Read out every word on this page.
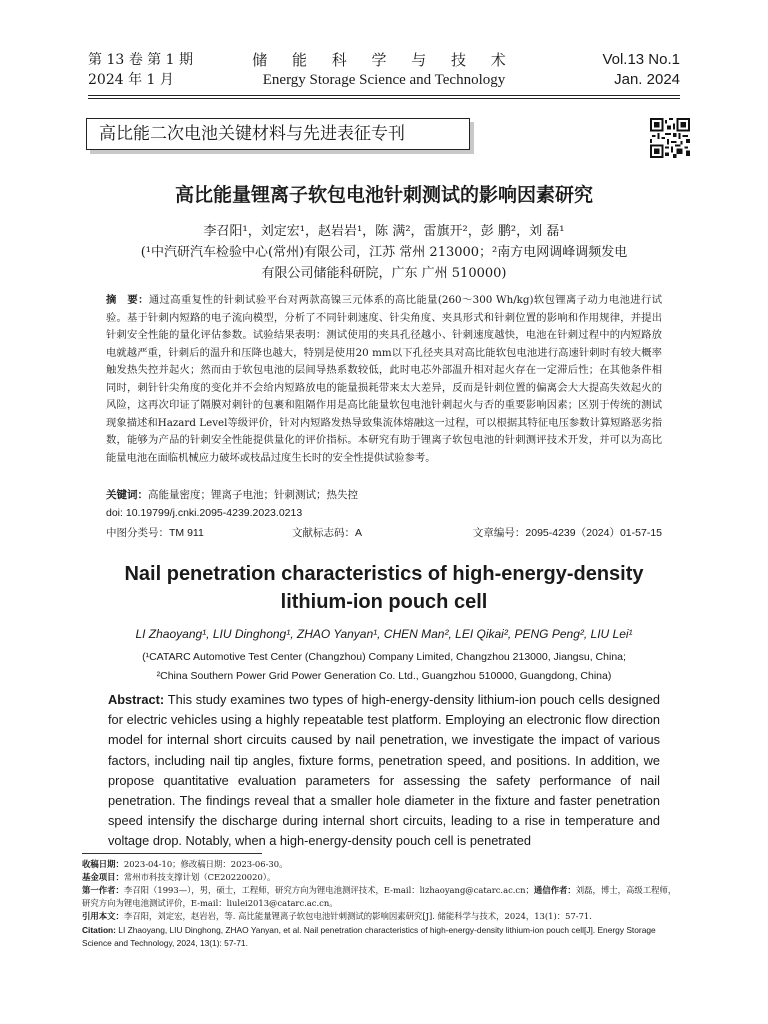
第 13 卷 第 1 期
2024 年 1 月
储 能 科 学 与 技 术
Energy Storage Science and Technology
Vol.13 No.1
Jan. 2024
高比能二次电池关键材料与先进表征专刊
高比能量锂离子软包电池针刺测试的影响因素研究
李召阳¹，刘定宏¹，赵岩岩¹，陈 满²，雷旗开²，彭 鹏²，刘 磊¹
(¹中汽研汽车检验中心(常州)有限公司，江苏 常州 213000；²南方电网调峰调频发电
有限公司储能科研院，广东 广州 510000)
摘　要：通过高重复性的针刺试验平台对两款高镍三元体系的高比能量(260～300 Wh/kg)软包锂离子动力电池进行试验。基于针刺内短路的电子流向模型，分析了不同针刺速度、针尖角度、夹具形式和针刺位置的影响和作用规律，并提出针刺安全性能的量化评估参数。试验结果表明：测试使用的夹具孔径越小、针刺速度越快，电池在针刺过程中的内短路放电就越严重，针刺后的温升和压降也越大，特别是使用20 mm以下孔径夹具对高比能软包电池进行高速针刺时有较大概率触发热失控并起火；然而由于软包电池的层间导热系数较低，此时电芯外部温升相对起火存在一定滞后性；在其他条件相同时，刺针针尖角度的变化并不会给内短路放电的能量损耗带来太大差异，反而是针刺位置的偏离会大大提高失效起火的风险，这再次印证了隔膜对刺针的包裹和阻隔作用是高比能量软包电池针刺起火与否的重要影响因素；区别于传统的测试现象描述和Hazard Level等级评价，针对内短路发热导致集流体熔融这一过程，可以根据其特征电压参数计算短路恶劣指数，能够为产品的针刺安全性能提供量化的评价指标。本研究有助于锂离子软包电池的针刺测评技术开发，并可以为高比能量电池在面临机械应力破坏或枝晶过度生长时的安全性提供试验参考。
关键词：高能量密度；锂离子电池；针刺测试；热失控
doi: 10.19799/j.cnki.2095-4239.2023.0213
中图分类号：TM 911	文献标志码：A	文章编号：2095-4239（2024）01-57-15
Nail penetration characteristics of high-energy-density
lithium-ion pouch cell
LI Zhaoyang¹, LIU Dinghong¹, ZHAO Yanyan¹, CHEN Man², LEI Qikai², PENG Peng², LIU Lei¹
(¹CATARC Automotive Test Center (Changzhou) Company Limited, Changzhou 213000, Jiangsu, China;
²China Southern Power Grid Power Generation Co. Ltd., Guangzhou 510000, Guangdong, China)
Abstract: This study examines two types of high-energy-density lithium-ion pouch cells designed for electric vehicles using a highly repeatable test platform. Employing an electronic flow direction model for internal short circuits caused by nail penetration, we investigate the impact of various factors, including nail tip angles, fixture forms, penetration speed, and positions. In addition, we propose quantitative evaluation parameters for assessing the safety performance of nail penetration. The findings reveal that a smaller hole diameter in the fixture and faster penetration speed intensify the discharge during internal short circuits, leading to a rise in temperature and voltage drop. Notably, when a high-energy-density pouch cell is penetrated
收稿日期：2023-04-10；修改稿日期：2023-06-30。
基金项目：常州市科技支撑计划（CE20220020）。
第一作者：李召阳（1993—），男，硕士，工程师，研究方向为锂电池测评技术，E-mail：lizhaoyang@catarc.ac.cn；通信作者：刘磊，博士，高级工程师，研究方向为锂电池测试评价，E-mail：liulei2013@catarc.ac.cn。
引用本文：李召阳，刘定宏，赵岩岩，等. 高比能量锂离子软包电池针刺测试的影响因素研究[J]. 储能科学与技术，2024，13(1)：57-71.
Citation: LI Zhaoyang, LIU Dinghong, ZHAO Yanyan, et al. Nail penetration characteristics of high-energy-density lithium-ion pouch cell[J]. Energy Storage Science and Technology, 2024, 13(1): 57-71.
